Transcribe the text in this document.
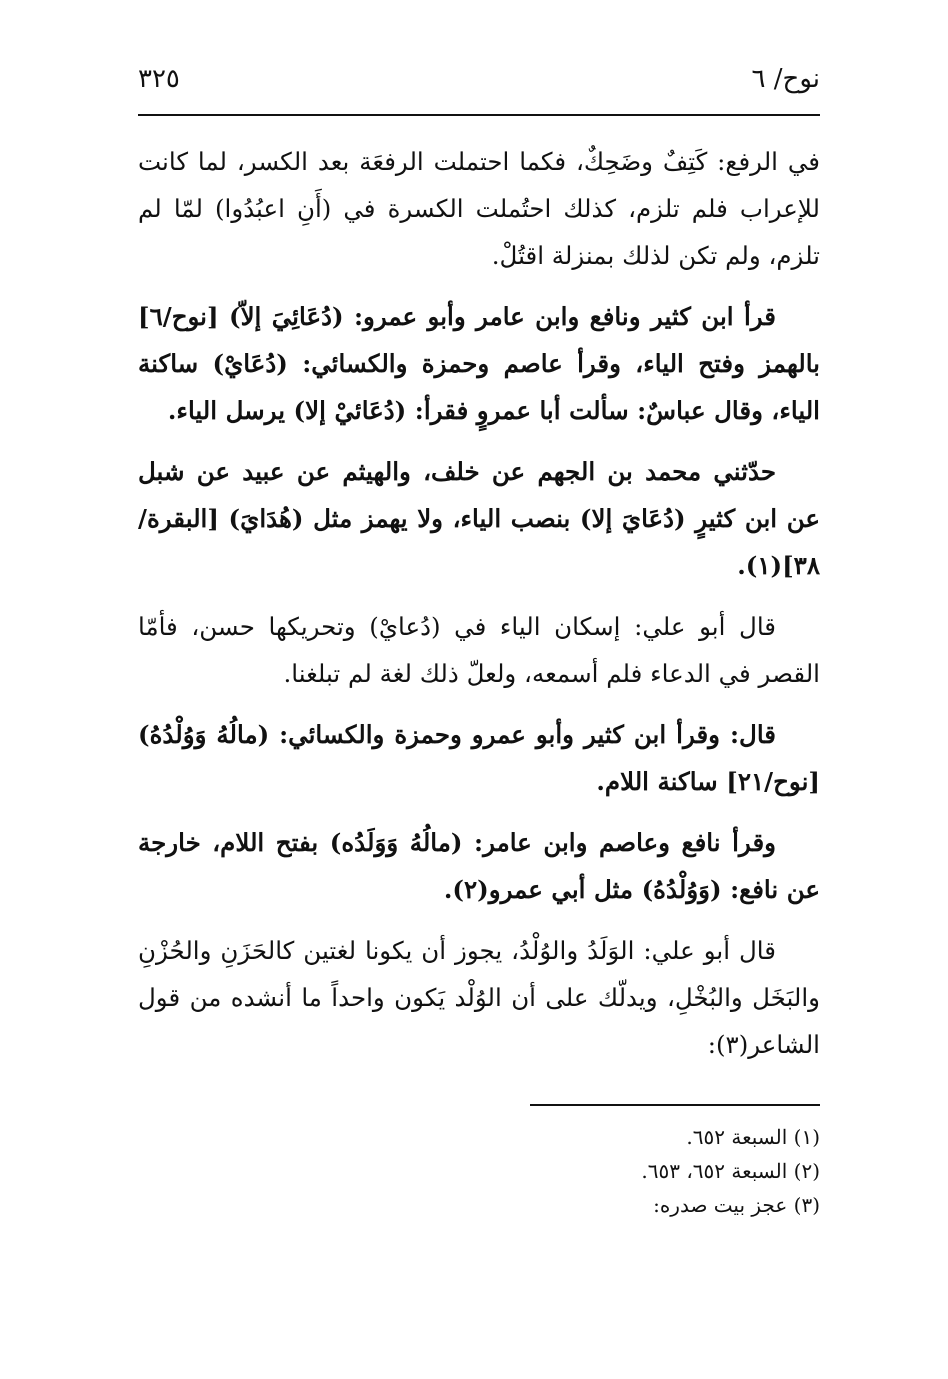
نوح/ ٦
٣٢٥

في الرفع: كَتِفٌ وضَحِكٌ، فكما احتملت الرفعَة بعد الكسر، لما كانت للإعراب فلم تلزم، كذلك احتُملت الكسرة في (أَنِ اعبُدُوا) لمّا لم تلزم، ولم تكن لذلك بمنزلة اقتُلْ.

قرأ ابن كثير ونافع وابن عامر وأبو عمرو: (دُعَائِيَ إلاّ) [نوح/٦] بالهمز وفتح الياء، وقرأ عاصم وحمزة والكسائي: (دُعَايْ) ساكنة الياء، وقال عباسٌ: سألت أبا عمروٍ فقرأ: (دُعَائيْ إلا) يرسل الياء.

حدّثني محمد بن الجهم عن خلف، والهيثم عن عبيد عن شبل عن ابن كثيرٍ (دُعَايَ إلا) بنصب الياء، ولا يهمز مثل (هُدَايَ) [البقرة/٣٨](١).

قال أبو علي: إسكان الياء في (دُعايْ) وتحريكها حسن، فأمّا القصر في الدعاء فلم أسمعه، ولعلّ ذلك لغة لم تبلغنا.

قال: وقرأ ابن كثير وأبو عمرو وحمزة والكسائي: (مالُهُ وَوُلْدُهُ) [نوح/٢١] ساكنة اللام.

وقرأ نافع وعاصم وابن عامر: (مالُهُ وَوَلَدُه) بفتح اللام، خارجة عن نافع: (وَوُلْدُهُ) مثل أبي عمرو(٢).

قال أبو علي: الوَلَدُ والوُلْدُ، يجوز أن يكونا لغتين كالحَزَنِ والحُزْنِ والبَخَل والبُخْلِ، ويدلّك على أن الوُلْد يَكون واحداً ما أنشده من قول الشاعر(٣):

(١) السبعة ٦٥٢.

(٢) السبعة ٦٥٢، ٦٥٣.

(٣) عجز بيت صدره:
